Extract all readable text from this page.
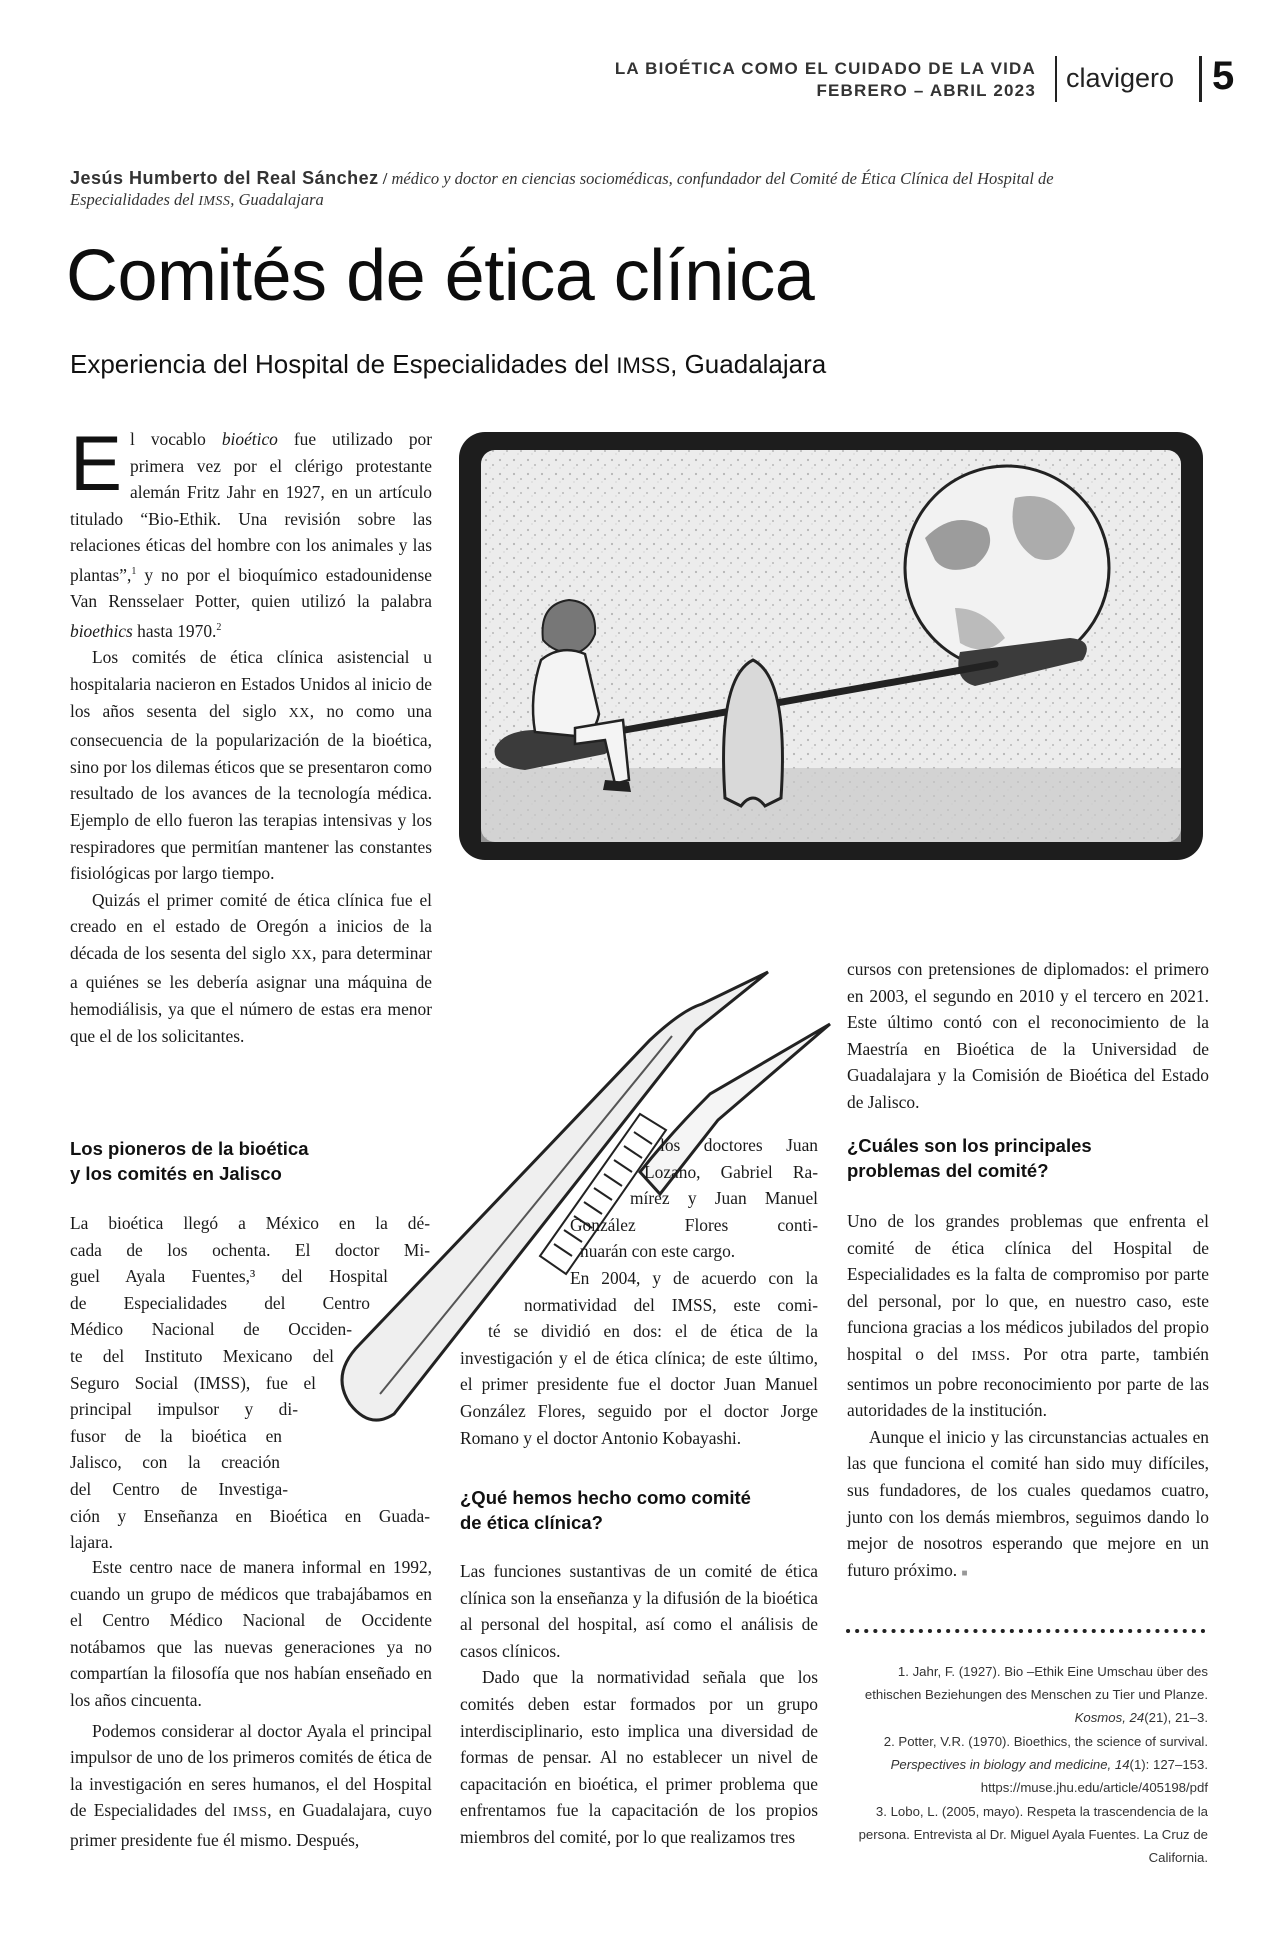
LA BIOÉTICA COMO EL CUIDADO DE LA VIDA
FEBRERO – ABRIL 2023 clavigero 5
Jesús Humberto del Real Sánchez / médico y doctor en ciencias sociomédicas, confundador del Comité de Ética Clínica del Hospital de Especialidades del IMSS, Guadalajara
Comités de ética clínica
Experiencia del Hospital de Especialidades del IMSS, Guadalajara

El vocablo bioético fue utilizado por primera vez por el clérigo protestante alemán Fritz Jahr en 1927, en un artículo titulado “Bio-Ethik. Una revisión sobre las relaciones éticas del hombre con los animales y las plantas”,$^1$ y no por el bioquímico estadounidense Van Rensselaer Potter, quien utilizó la palabra bioethics hasta 1970.$^2$

Los comités de ética clínica asistencial u hospitalaria nacieron en Estados Unidos al inicio de los años sesenta del siglo XX, no como una consecuencia de la popularización de la bioética, sino por los dilemas éticos que se presentaron como resultado de los avances de la tecnología médica. Ejemplo de ello fueron las terapias intensivas y los respiradores que permitían mantener las constantes fisiológicas por largo tiempo.

Quizás el primer comité de ética clínica fue el creado en el estado de Oregón a inicios de la década de los sesenta del siglo XX, para determinar a quiénes se les debería asignar una máquina de hemodiálisis, ya que el número de estas era menor que el de los solicitantes.

Los pioneros de la bioética
y los comités en Jalisco
La bioética llegó a México en la dé-
cada de los ochenta. El doctor Mi-
guel Ayala Fuentes,³ del Hospital
de Especialidades del Centro
Médico Nacional de Occiden-
te del Instituto Mexicano del
Seguro Social (IMSS), fue el
principal impulsor y di-
fusor de la bioética en
Jalisco, con la creación
del Centro de Investiga-
ción y Enseñanza en Bioética en Guada-
lajara.

Este centro nace de manera informal en 1992, cuando un grupo de médicos que trabajábamos en el Centro Médico Nacional de Occidente notábamos que las nuevas generaciones ya no compartían la filosofía que nos habían enseñado en los años cincuenta.

Podemos considerar al doctor Ayala el principal impulsor de uno de los primeros comités de ética de la investigación en seres humanos, el del Hospital de Especialidades del IMSS, en Guadalajara, cuyo primer presidente fue él mismo. Después,

los doctores Juan
Lozano, Gabriel Ra-
mírez y Juan Manuel
González Flores conti-
nuarán con este cargo.
En 2004, y de acuerdo con la
normatividad del IMSS, este comi-
té se dividió en dos: el de ética de la

investigación y el de ética clínica; de este último, el primer presidente fue el doctor Juan Manuel González Flores, seguido por el doctor Jorge Romano y el doctor Antonio Kobayashi.

¿Qué hemos hecho como comité
de ética clínica?

Las funciones sustantivas de un comité de ética clínica son la enseñanza y la difusión de la bioética al personal del hospital, así como el análisis de casos clínicos.

Dado que la normatividad señala que los comités deben estar formados por un grupo interdisciplinario, esto implica una diversidad de formas de pensar. Al no establecer un nivel de capacitación en bioética, el primer problema que enfrentamos fue la capacitación de los propios miembros del comité, por lo que realizamos tres

cursos con pretensiones de diplomados: el primero en 2003, el segundo en 2010 y el tercero en 2021. Este último contó con el reconocimiento de la Maestría en Bioética de la Universidad de Guadalajara y la Comisión de Bioética del Estado de Jalisco.

¿Cuáles son los principales
problemas del comité?

Uno de los grandes problemas que enfrenta el comité de ética clínica del Hospital de Especialidades es la falta de compromiso por parte del personal, por lo que, en nuestro caso, este funciona gracias a los médicos jubilados del propio hospital o del IMSS. Por otra parte, también sentimos un pobre reconocimiento por parte de las autoridades de la institución.

Aunque el inicio y las circunstancias actuales en las que funciona el comité han sido muy difíciles, sus fundadores, de los cuales quedamos cuatro, junto con los demás miembros, seguimos dando lo mejor de nosotros esperando que mejore en un futuro próximo. ■

1. Jahr, F. (1927). Bio –Ethik Eine Umschau über des ethischen Beziehungen des Menschen zu Tier und Planze. Kosmos, 24(21), 21–3.

2. Potter, V.R. (1970). Bioethics, the science of survival. Perspectives in biology and medicine, 14(1): 127–153. https://muse.jhu.edu/article/405198/pdf

3. Lobo, L. (2005, mayo). Respeta la trascendencia de la persona. Entrevista al Dr. Miguel Ayala Fuentes. La Cruz de California.
